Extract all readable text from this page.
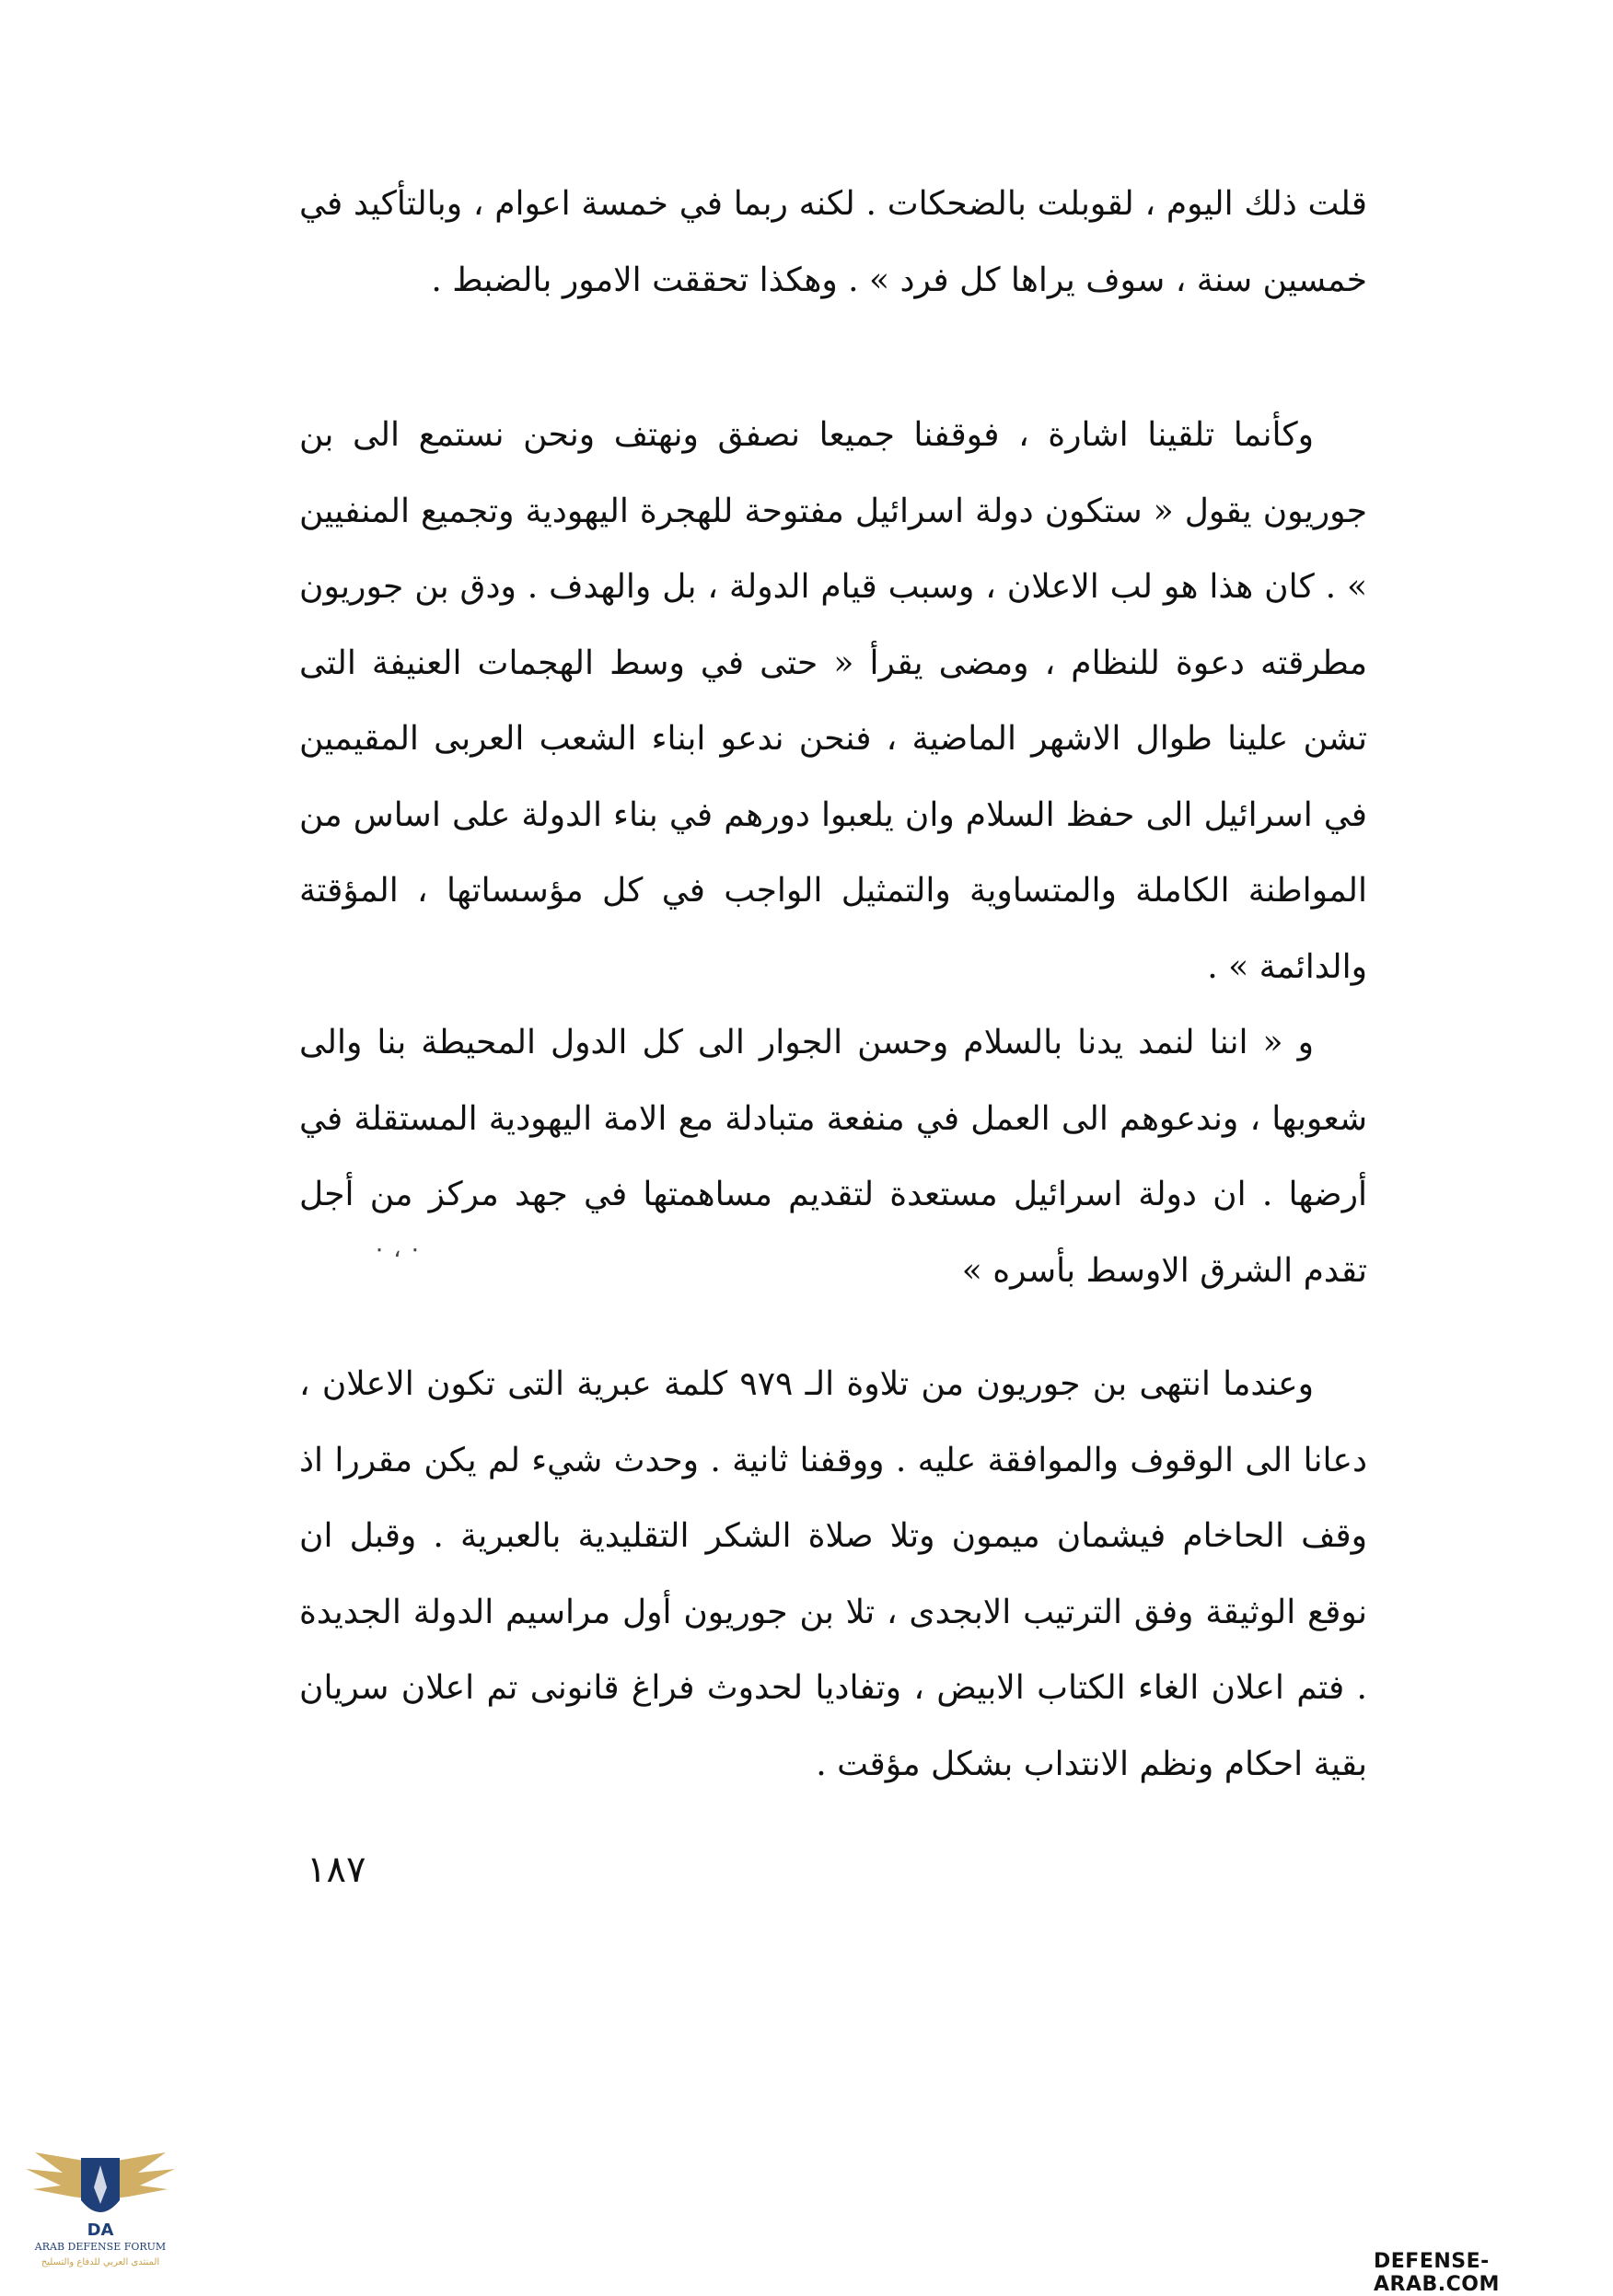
قلت ذلك اليوم ، لقوبلت بالضحكات . لكنه ربما في خمسة اعوام ، وبالتأكيد في خمسين سنة ، سوف يراها كل فرد » . وهكذا تحققت الامور بالضبط .

وكأنما تلقينا اشارة ، فوقفنا جميعا نصفق ونهتف ونحن نستمع الى بن جوريون يقول « ستكون دولة اسرائيل مفتوحة للهجرة اليهودية وتجميع المنفيين » . كان هذا هو لب الاعلان ، وسبب قيام الدولة ، بل والهدف . ودق بن جوريون مطرقته دعوة للنظام ، ومضى يقرأ « حتى في وسط الهجمات العنيفة التى تشن علينا طوال الاشهر الماضية ، فنحن ندعو ابناء الشعب العربى المقيمين في اسرائيل الى حفظ السلام وان يلعبوا دورهم في بناء الدولة على اساس من المواطنة الكاملة والمتساوية والتمثيل الواجب في كل مؤسساتها ، المؤقتة والدائمة » .

و « اننا لنمد يدنا بالسلام وحسن الجوار الى كل الدول المحيطة بنا والى شعوبها ، وندعوهم الى العمل في منفعة متبادلة مع الامة اليهودية المستقلة في أرضها . ان دولة اسرائيل مستعدة لتقديم مساهمتها في جهد مركز من أجل تقدم الشرق الاوسط بأسره »

٠ ، ٠

وعندما انتهى بن جوريون من تلاوة الـ ٩٧٩ كلمة عبرية التى تكون الاعلان ، دعانا الى الوقوف والموافقة عليه . ووقفنا ثانية . وحدث شيء لم يكن مقررا اذ وقف الحاخام فيشمان ميمون وتلا صلاة الشكر التقليدية بالعبرية . وقبل ان نوقع الوثيقة وفق الترتيب الابجدى ، تلا بن جوريون أول مراسيم الدولة الجديدة . فتم اعلان الغاء الكتاب الابيض ، وتفاديا لحدوث فراغ قانونى تم اعلان سريان بقية احكام ونظم الانتداب بشكل مؤقت .

١٨٧
DA
ARAB DEFENSE FORUM
المنتدى العربي للدفاع والتسليح	DEFENSE-ARAB.COM
